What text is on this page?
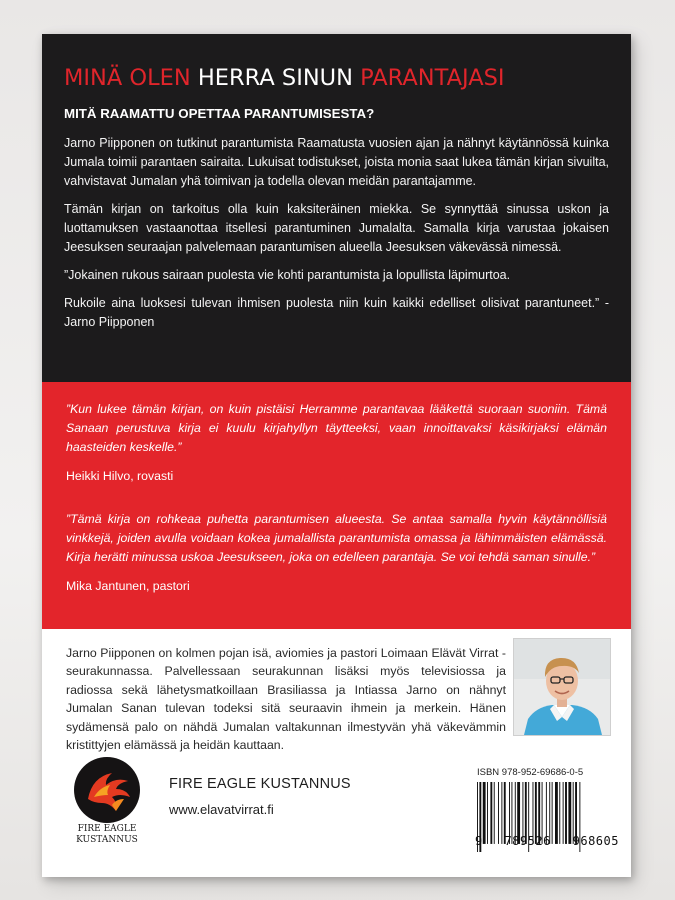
MINÄ OLEN HERRA SINUN PARANTAJASI

MITÄ RAAMATTU OPETTAA PARANTUMISESTA?

Jarno Piipponen on tutkinut parantumista Raamatusta vuosien ajan ja nähnyt käytännössä kuinka Jumala toimii parantaen sairaita. Lukuisat todistukset, joista monia saat lukea tämän kirjan sivuilta, vahvistavat Jumalan yhä toimivan ja todella olevan meidän parantajamme.

Tämän kirjan on tarkoitus olla kuin kaksiteräinen miekka. Se synnyttää sinussa uskon ja luottamuksen vastaanottaa itsellesi parantuminen Jumalalta. Samalla kirja varustaa jokaisen Jeesuksen seuraajan palvelemaan parantumisen alueella Jeesuksen väkevässä nimessä.

”Jokainen rukous sairaan puolesta vie kohti parantumista ja lopullista läpimurtoa.

Rukoile aina luoksesi tulevan ihmisen puolesta niin kuin kaikki edelliset olisivat parantuneet.” - Jarno Piipponen

”Kun lukee tämän kirjan, on kuin pistäisi Herramme parantavaa lääkettä suoraan suoniin. Tämä Sanaan perustuva kirja ei kuulu kirjahyllyn täytteeksi, vaan innoittavaksi käsikirjaksi elämän haasteiden keskelle.”

Heikki Hilvo, rovasti

”Tämä kirja on rohkeaa puhetta parantumisen alueesta. Se antaa samalla hyvin käytännöllisiä vinkkejä, joiden avulla voidaan kokea jumalallista parantumista omassa ja lähimmäisten elämässä. Kirja herätti minussa uskoa Jeesukseen, joka on edelleen parantaja. Se voi tehdä saman sinulle.”

Mika Jantunen, pastori

Jarno Piipponen on kolmen pojan isä, aviomies ja pastori Loimaan Elävät Virrat -seurakunnassa. Palvellessaan seurakunnan lisäksi myös televisiossa ja radiossa sekä lähetysmatkoillaan Brasiliassa ja Intiassa Jarno on nähnyt Jumalan Sanan tulevan todeksi sitä seuraavin ihmein ja merkein. Hänen sydämensä palo on nähdä Jumalan valtakunnan ilmestyvän yhä väkevämmin kristittyjen elämässä ja heidän kauttaan.
FIRE EAGLE
KUSTANNUS
FIRE EAGLE KUSTANNUS
www.elavatvirrat.fi
ISBN 978-952-69686-0-5
9 789526 968605
